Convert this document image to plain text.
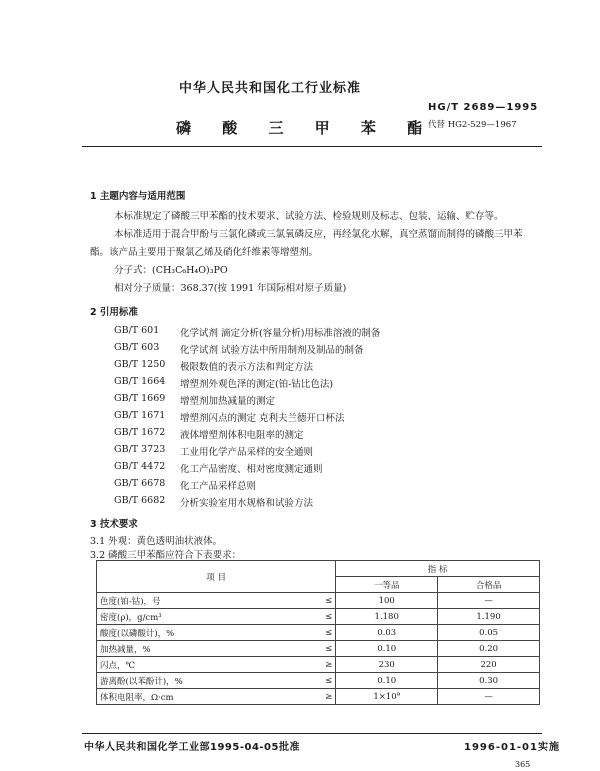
中华人民共和国化工行业标准
HG/T 2689—1995
代替 HG2-529—1967
磷 酸 三 甲 苯 酯
1 主题内容与适用范围
本标准规定了磷酸三甲苯酯的技术要求、试验方法、检验规则及标志、包装、运输、贮存等。
本标准适用于混合甲酚与三氯化磷或三氯氧磷反应，再经氯化水解，真空蒸馏而制得的磷酸三甲苯
酯。该产品主要用于聚氯乙烯及硝化纤维素等增塑剂。
分子式：(CH₃C₆H₄O)₃PO
相对分子质量：368.37(按 1991 年国际相对原子质量)
2 引用标准
GB/T 601 化学试剂 滴定分析(容量分析)用标准溶液的制备
GB/T 603 化学试剂 试验方法中所用制剂及制品的制备
GB/T 1250 极限数值的表示方法和判定方法
GB/T 1664 增塑剂外观色泽的测定(铂-钴比色法)
GB/T 1669 增塑剂加热减量的测定
GB/T 1671 增塑剂闪点的测定 克利夫兰德开口杯法
GB/T 1672 液体增塑剂体积电阻率的测定
GB/T 3723 工业用化学产品采样的安全通则
GB/T 4472 化工产品密度、相对密度测定通则
GB/T 6678 化工产品采样总则
GB/T 6682 分析实验室用水规格和试验方法
3 技术要求
3.1 外观：黄色透明油状液体。
3.2 磷酸三甲苯酯应符合下表要求：
项 目		指 标	
		一等品	合格品
色度(铂-钴)，号	≤	100	—
密度(ρ)，g/cm³	≤	1.180	1.190
酸度(以磷酸计)，%	≤	0.03	0.05
加热减量，%	≤	0.10	0.20
闪点，℃	≥	230	220
游离酚(以苯酚计)，%	≤	0.10	0.30
体积电阻率，Ω·cm	≥	1×10⁹	—
中华人民共和国化学工业部1995-04-05批准	1996-01-01实施
365
